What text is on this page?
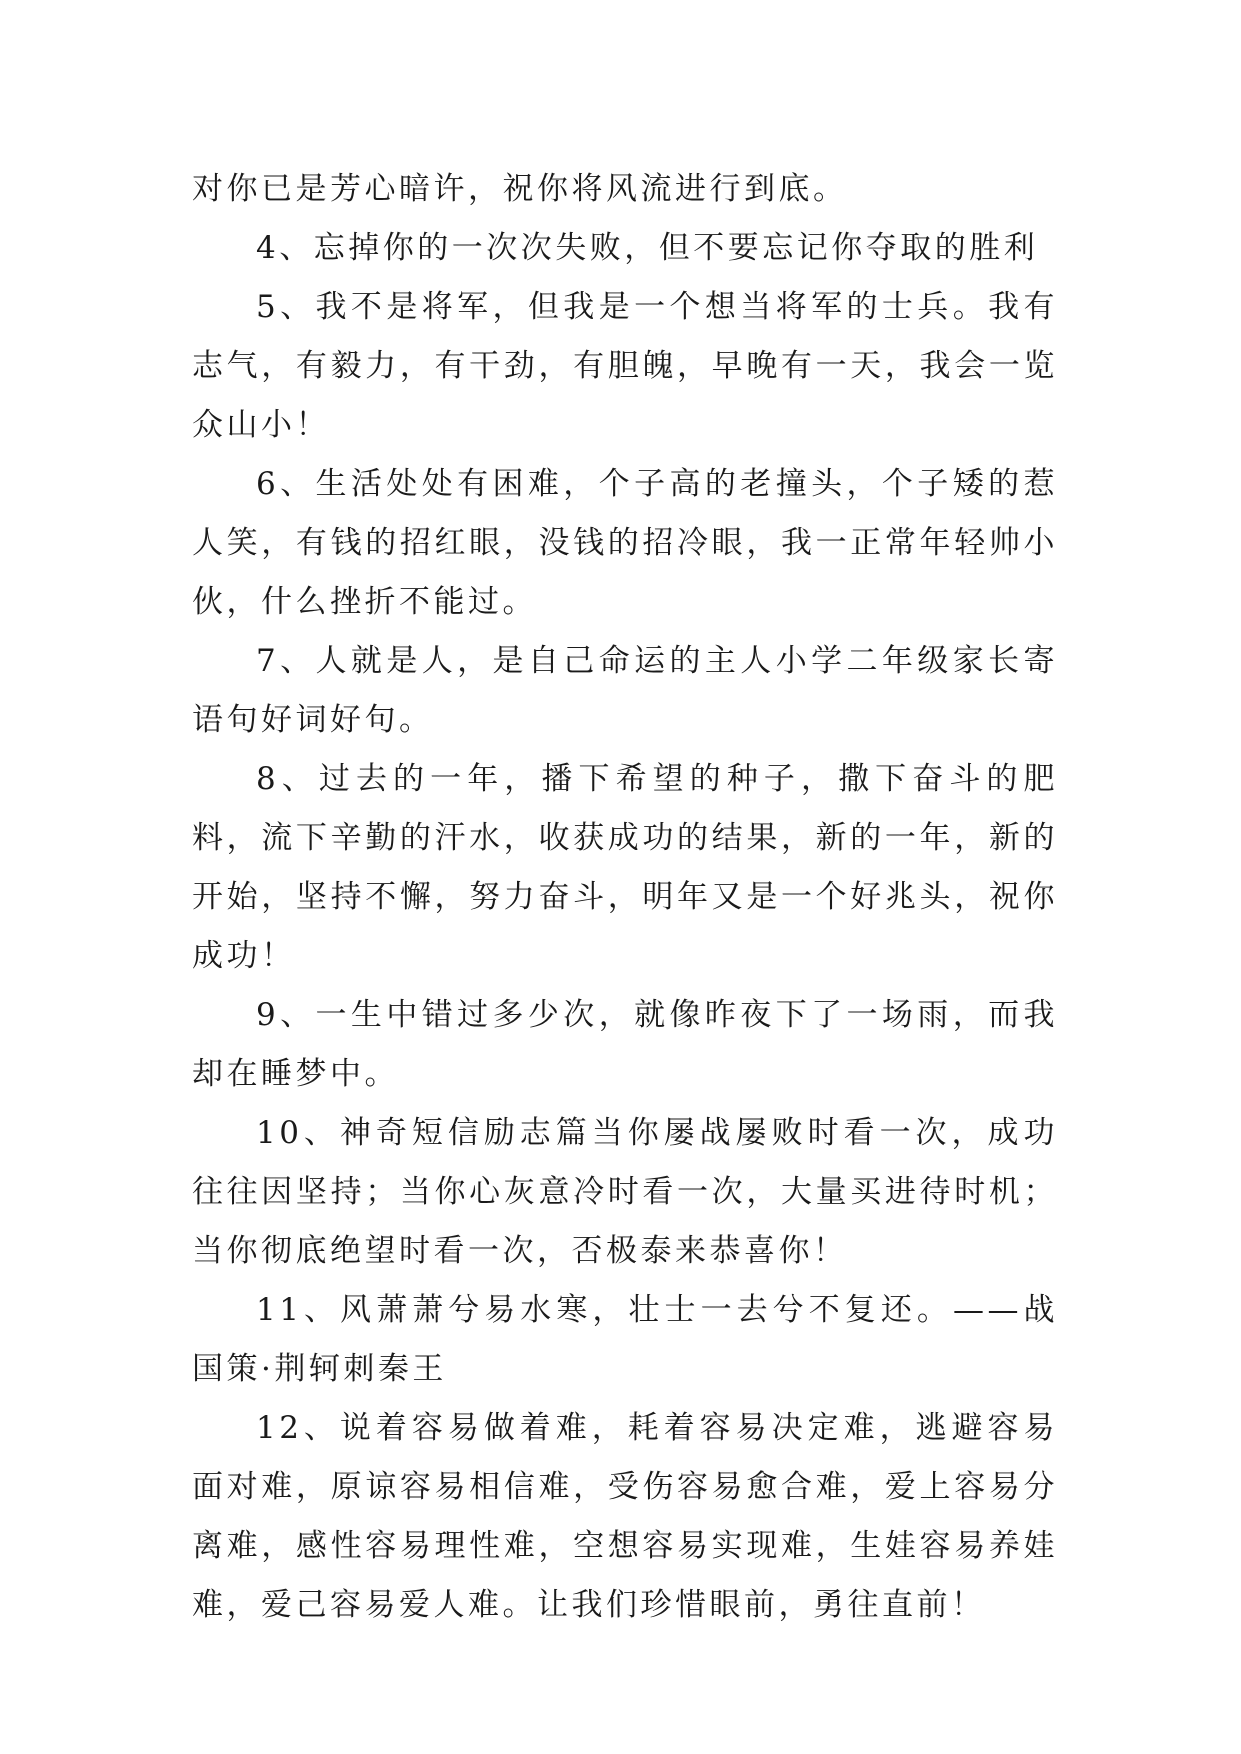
对你已是芳心暗许，祝你将风流进行到底。

4、忘掉你的一次次失败，但不要忘记你夺取的胜利

5、我不是将军，但我是一个想当将军的士兵。我有志气，有毅力，有干劲，有胆魄，早晚有一天，我会一览众山小！

6、生活处处有困难，个子高的老撞头，个子矮的惹人笑，有钱的招红眼，没钱的招冷眼，我一正常年轻帅小伙，什么挫折不能过。

7、人就是人，是自己命运的主人小学二年级家长寄语句好词好句。

8、过去的一年，播下希望的种子，撒下奋斗的肥料，流下辛勤的汗水，收获成功的结果，新的一年，新的开始，坚持不懈，努力奋斗，明年又是一个好兆头，祝你成功！

9、一生中错过多少次，就像昨夜下了一场雨，而我却在睡梦中。

10、神奇短信励志篇当你屡战屡败时看一次，成功往往因坚持；当你心灰意冷时看一次，大量买进待时机；当你彻底绝望时看一次，否极泰来恭喜你！

11、风萧萧兮易水寒，壮士一去兮不复还。——战国策·荆轲刺秦王

12、说着容易做着难，耗着容易决定难，逃避容易面对难，原谅容易相信难，受伤容易愈合难，爱上容易分离难，感性容易理性难，空想容易实现难，生娃容易养娃难，爱己容易爱人难。让我们珍惜眼前，勇往直前！
